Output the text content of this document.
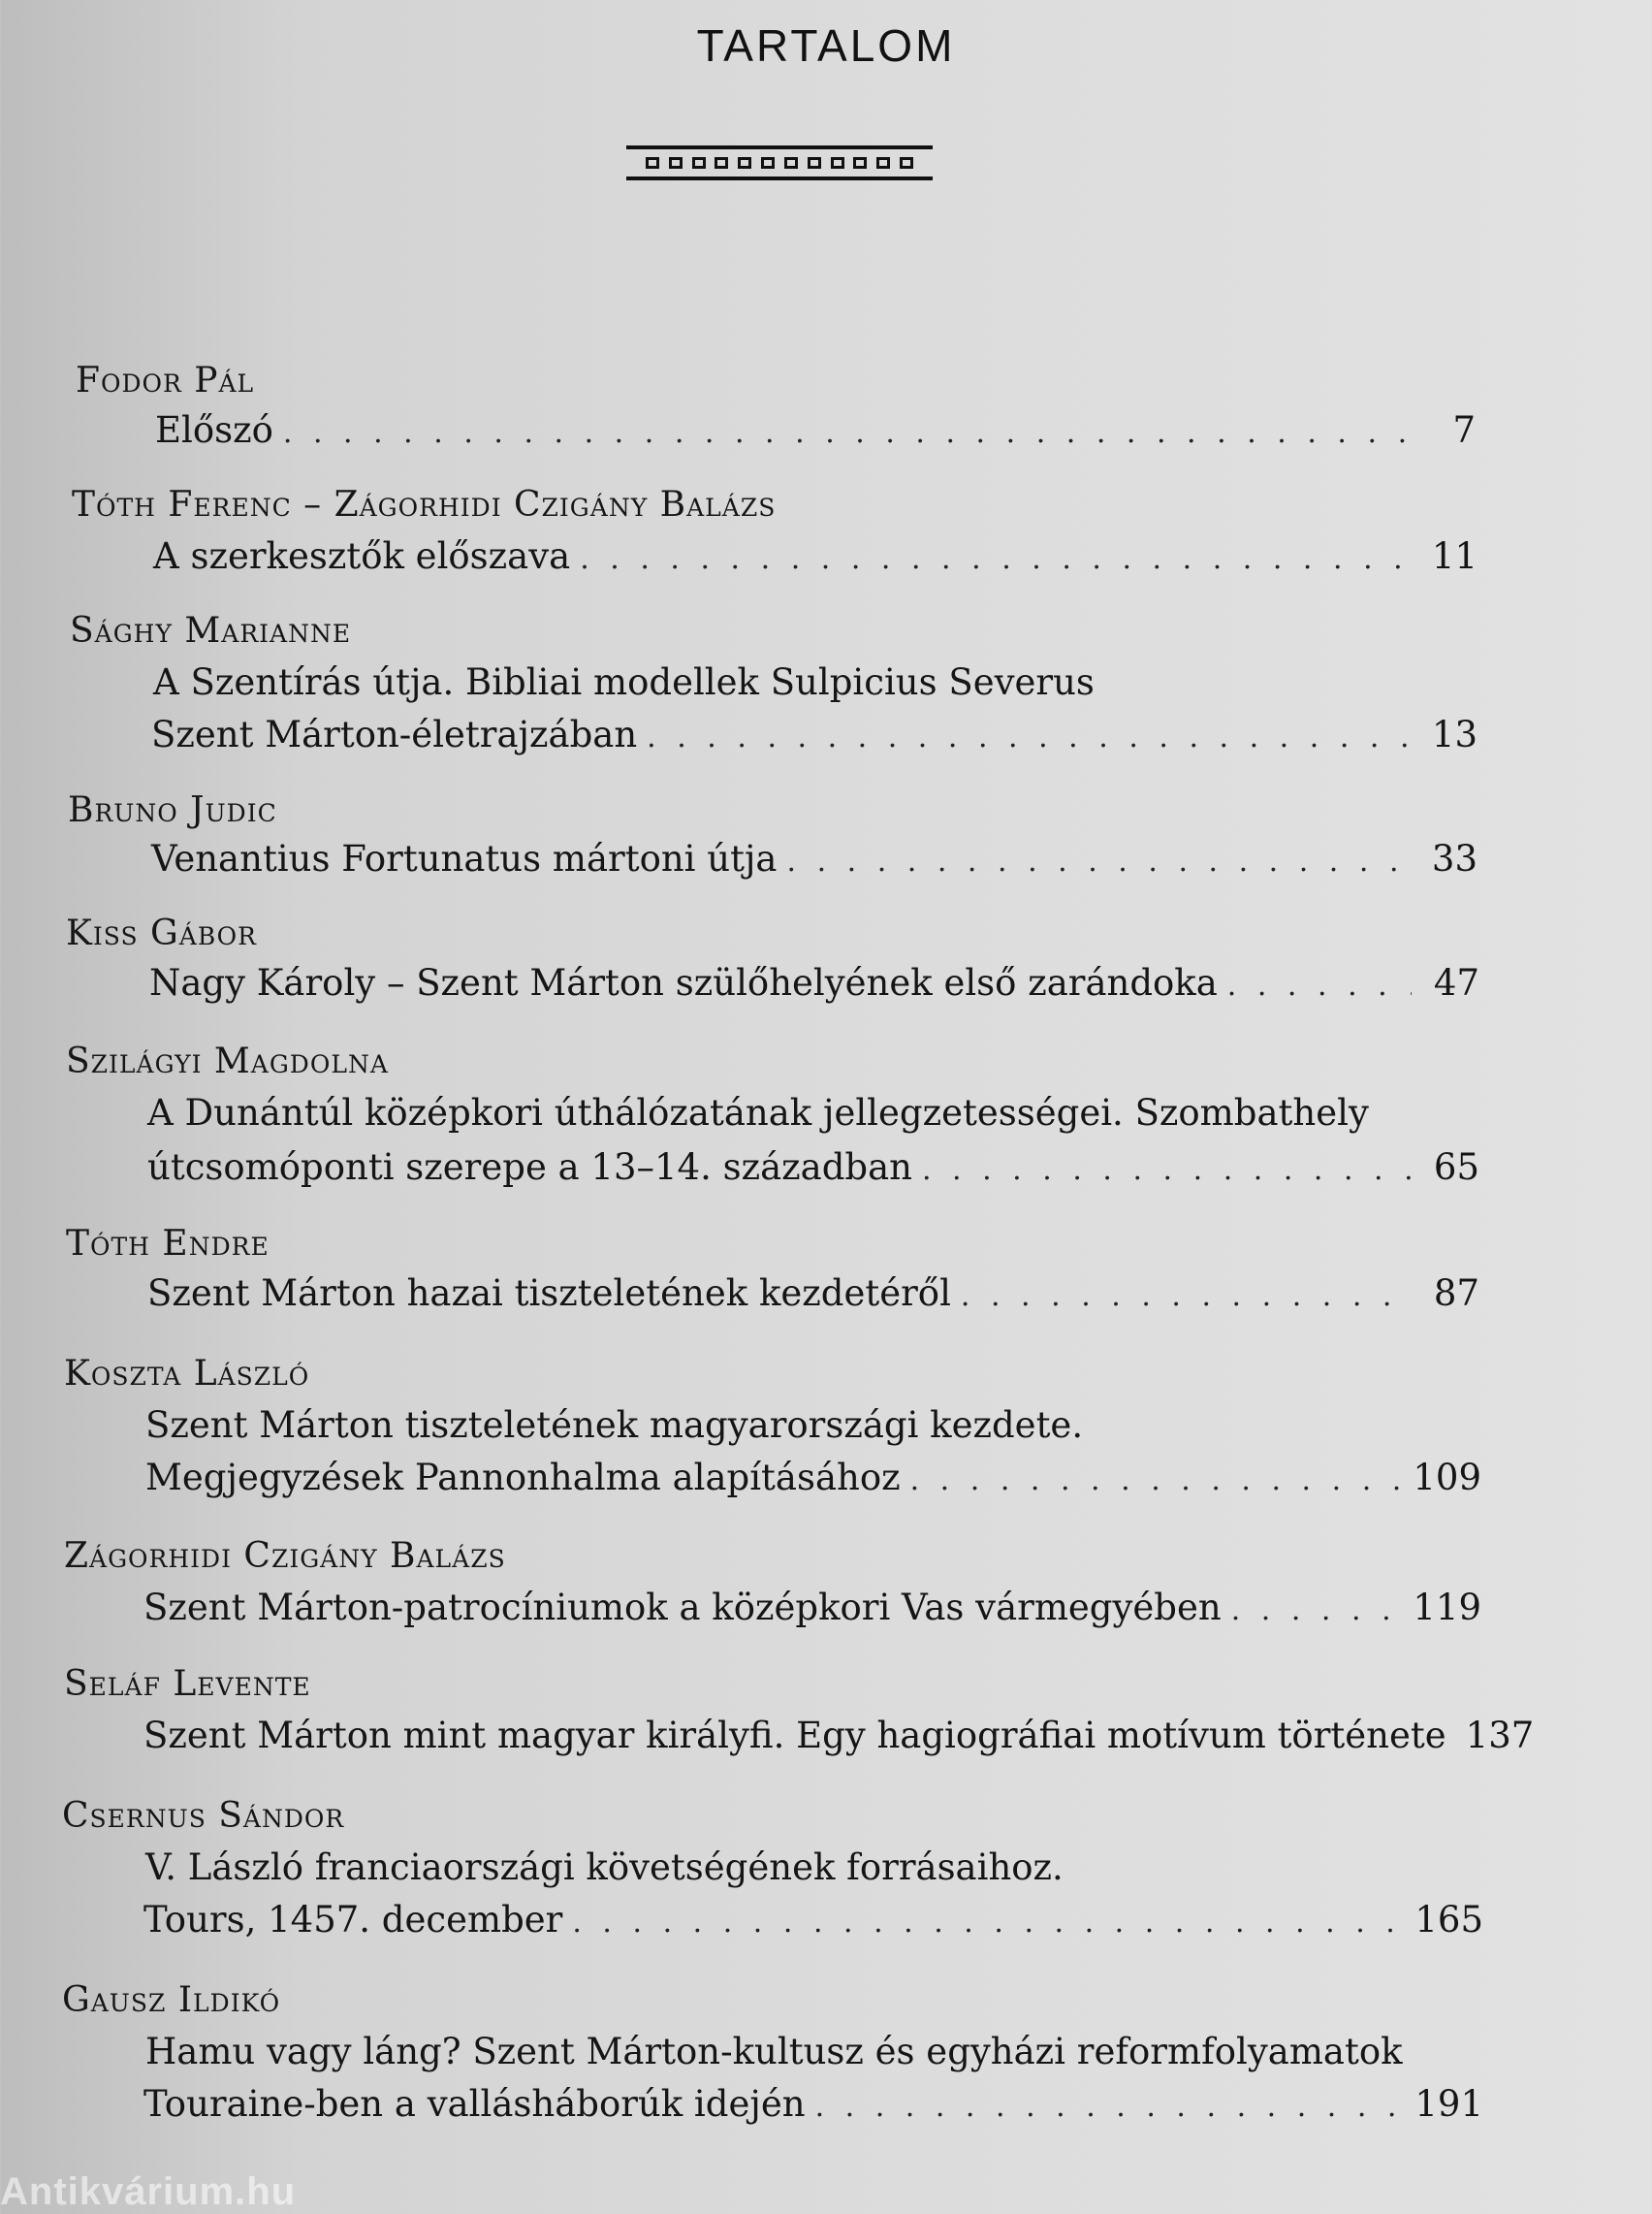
TARTALOM
Fodor Pál
Előszó . . .	7
Tóth Ferenc – Zágorhidi Czigány Balázs
A szerkesztők előszava . . .	11
Sághy Marianne
A Szentírás útja. Bibliai modellek Sulpicius Severus
Szent Márton-életrajzában . . .	13
Bruno Judic
Venantius Fortunatus mártoni útja . . .	33
Kiss Gábor
Nagy Károly – Szent Márton szülőhelyének első zarándoka . . .	47
Szilágyi Magdolna
A Dunántúl középkori úthálózatának jellegzetességei. Szombathely
útcsomóponti szerepe a 13–14. században . . .	65
Tóth Endre
Szent Márton hazai tiszteletének kezdetéről . . .	87
Koszta László
Szent Márton tiszteletének magyarországi kezdete.
Megjegyzések Pannonhalma alapításához . . .	109
Zágorhidi Czigány Balázs
Szent Márton-patrocíniumok a középkori Vas vármegyében . . .	119
Seláf Levente
Szent Márton mint magyar királyfi. Egy hagiográfiai motívum története 137
Csernus Sándor
V. László franciaországi követségének forrásaihoz.
Tours, 1457. december . . .	165
Gausz Ildikó
Hamu vagy láng? Szent Márton-kultusz és egyházi reformfolyamatok
Touraine-ben a vallásháborúk idején . . .	191
Antikvárium.hu
